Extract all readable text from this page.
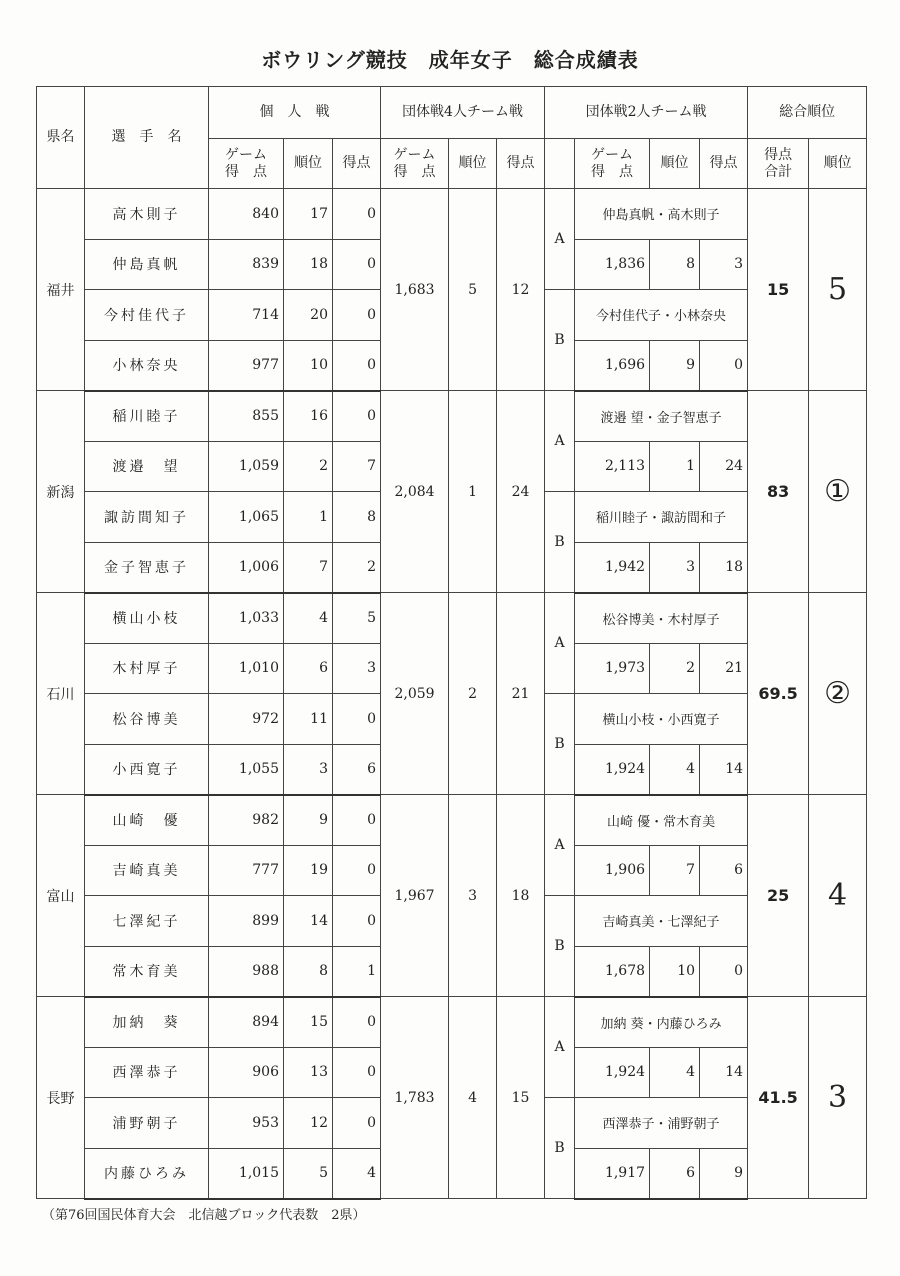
ボウリング競技　成年女子　総合成績表
県名	選　手　名	個　人　戦			団体戦4人チーム戦			団体戦2人チーム戦				総合順位	
		ゲーム
得　点	順位	得点	ゲーム
得　点	順位	得点		ゲーム
得　点	順位	得点	得点
合計	順位
福井	高木則子	840	17	0	1,683	5	12	A	仲島真帆・高木則子			15	5
	仲島真帆	839	18	0					1,836	8	3		
	今村佳代子	714	20	0				B	今村佳代子・小林奈央				
	小林奈央	977	10	0					1,696	9	0		
新潟	稲川睦子	855	16	0	2,084	1	24	A	渡邉 望・金子智恵子			83	①
	渡邉　望	1,059	2	7					2,113	1	24		
	諏訪間知子	1,065	1	8				B	稲川睦子・諏訪間和子				
	金子智恵子	1,006	7	2					1,942	3	18		
石川	横山小枝	1,033	4	5	2,059	2	21	A	松谷博美・木村厚子			69.5	②
	木村厚子	1,010	6	3					1,973	2	21		
	松谷博美	972	11	0				B	横山小枝・小西寛子				
	小西寛子	1,055	3	6					1,924	4	14		
富山	山崎　優	982	9	0	1,967	3	18	A	山崎 優・常木育美			25	4
	吉崎真美	777	19	0					1,906	7	6		
	七澤紀子	899	14	0				B	吉崎真美・七澤紀子				
	常木育美	988	8	1					1,678	10	0		
長野	加納　葵	894	15	0	1,783	4	15	A	加納 葵・内藤ひろみ			41.5	3
	西澤恭子	906	13	0					1,924	4	14		
	浦野朝子	953	12	0				B	西澤恭子・浦野朝子				
	内藤ひろみ	1,015	5	4					1,917	6	9		
（第76回国民体育大会　北信越ブロック代表数　2県）
